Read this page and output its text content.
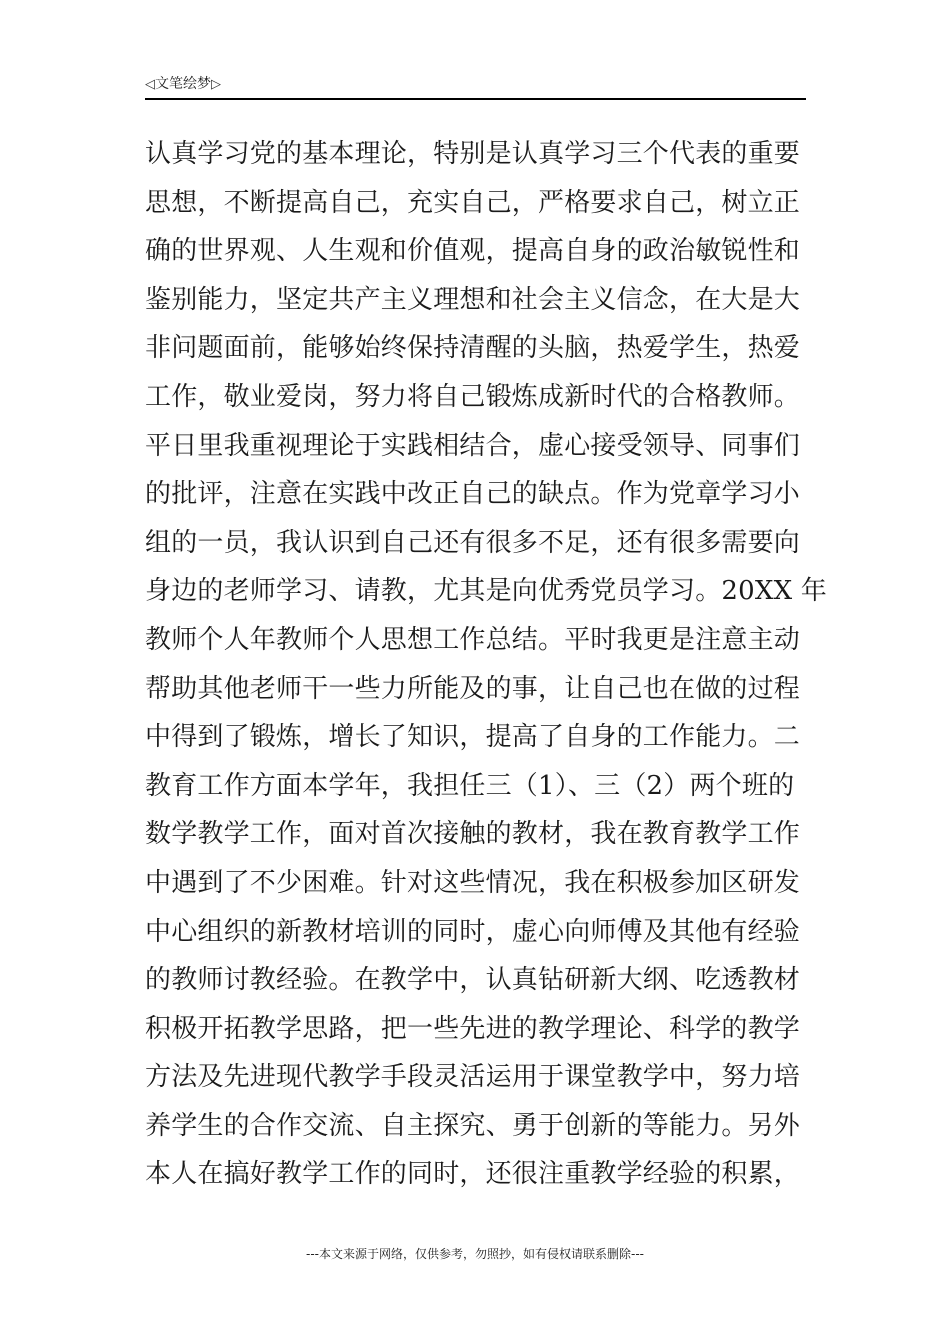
◁文笔绘梦▷
认真学习党的基本理论，特别是认真学习三个代表的重要
思想，不断提高自己，充实自己，严格要求自己，树立正
确的世界观、人生观和价值观，提高自身的政治敏锐性和
鉴别能力，坚定共产主义理想和社会主义信念，在大是大
非问题面前，能够始终保持清醒的头脑，热爱学生，热爱
工作，敬业爱岗，努力将自己锻炼成新时代的合格教师。
平日里我重视理论于实践相结合，虚心接受领导、同事们
的批评，注意在实践中改正自己的缺点。作为党章学习小
组的一员，我认识到自己还有很多不足，还有很多需要向
身边的老师学习、请教，尤其是向优秀党员学习。20XX 年
教师个人年教师个人思想工作总结。平时我更是注意主动
帮助其他老师干一些力所能及的事，让自己也在做的过程
中得到了锻炼，增长了知识，提高了自身的工作能力。二
教育工作方面本学年，我担任三（1）、三（2）两个班的
数学教学工作，面对首次接触的教材，我在教育教学工作
中遇到了不少困难。针对这些情况，我在积极参加区研发
中心组织的新教材培训的同时，虚心向师傅及其他有经验
的教师讨教经验。在教学中，认真钻研新大纲、吃透教材
积极开拓教学思路，把一些先进的教学理论、科学的教学
方法及先进现代教学手段灵活运用于课堂教学中，努力培
养学生的合作交流、自主探究、勇于创新的等能力。另外
本人在搞好教学工作的同时，还很注重教学经验的积累，
---本文来源于网络，仅供参考，勿照抄，如有侵权请联系删除---
